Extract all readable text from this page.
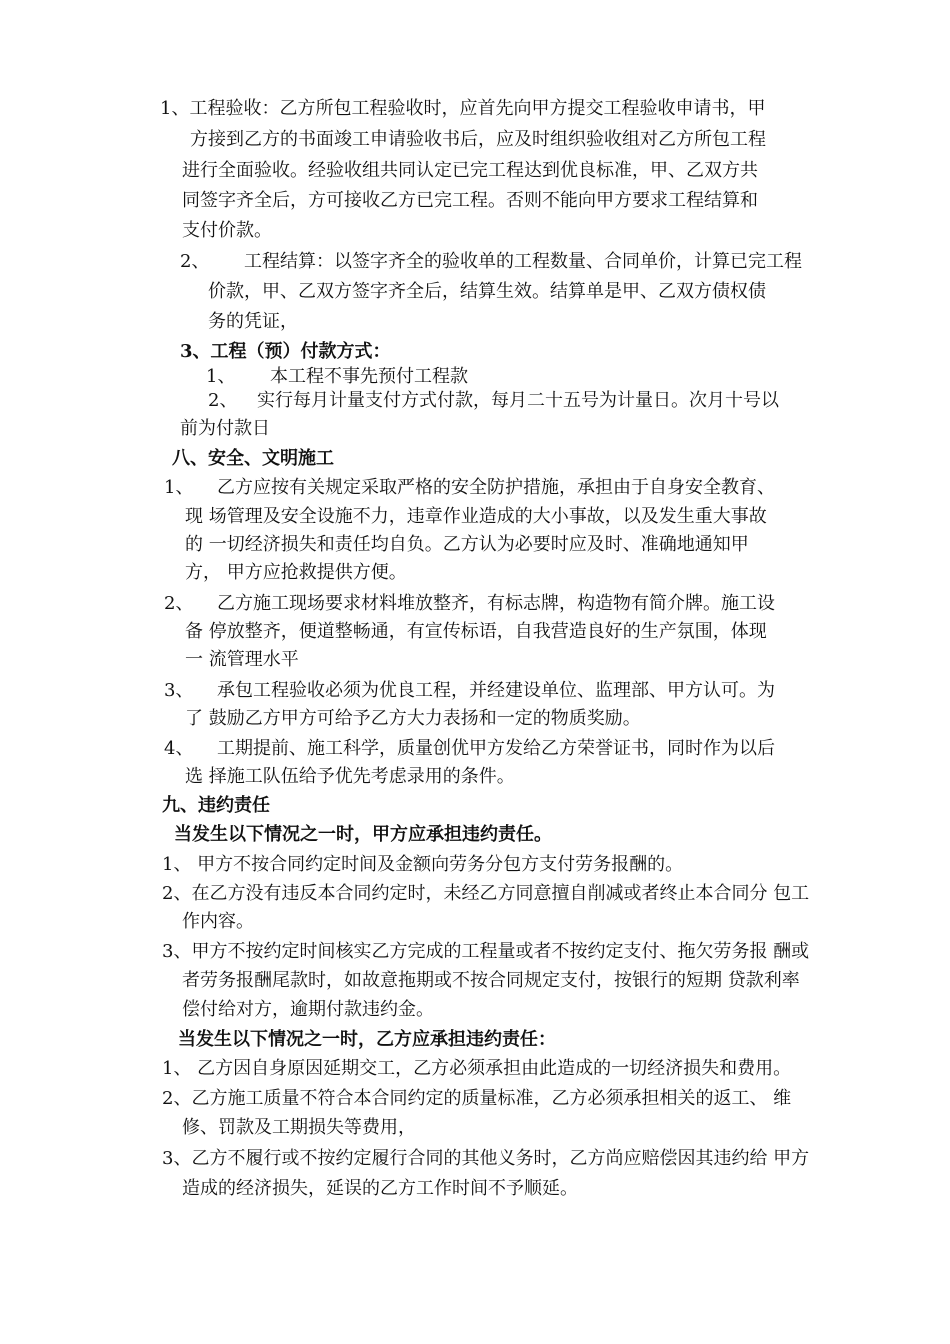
1、工程验收：乙方所包工程验收时，应首先向甲方提交工程验收申请书，甲
方接到乙方的书面竣工申请验收书后，应及时组织验收组对乙方所包工程
进行全面验收。经验收组共同认定已完工程达到优良标准，甲、乙双方共
同签字齐全后，方可接收乙方已完工程。否则不能向甲方要求工程结算和
支付价款。
2、 工程结算：以签字齐全的验收单的工程数量、合同单价，计算已完工程
价款，甲、乙双方签字齐全后，结算生效。结算单是甲、乙双方债权债
务的凭证，
3、工程（预）付款方式：
1、 本工程不事先预付工程款
2、 实行每月计量支付方式付款，每月二十五号为计量日。次月十号以
前为付款日
八、安全、文明施工
1、 乙方应按有关规定采取严格的安全防护措施，承担由于自身安全教育、
现 场管理及安全设施不力，违章作业造成的大小事故，以及发生重大事故
的 一切经济损失和责任均自负。乙方认为必要时应及时、准确地通知甲
方， 甲方应抢救提供方便。
2、 乙方施工现场要求材料堆放整齐，有标志牌，构造物有简介牌。施工设
备 停放整齐，便道整畅通，有宣传标语，自我营造良好的生产氛围，体现
一 流管理水平
3、 承包工程验收必须为优良工程，并经建设单位、监理部、甲方认可。为
了 鼓励乙方甲方可给予乙方大力表扬和一定的物质奖励。
4、 工期提前、施工科学，质量创优甲方发给乙方荣誉证书，同时作为以后
选 择施工队伍给予优先考虑录用的条件。
九、违约责任
当发生以下情况之一时，甲方应承担违约责任。
1、 甲方不按合同约定时间及金额向劳务分包方支付劳务报酬的。
2、在乙方没有违反本合同约定时，未经乙方同意擅自削减或者终止本合同分 包工
作内容。
3、甲方不按约定时间核实乙方完成的工程量或者不按约定支付、拖欠劳务报 酬或
者劳务报酬尾款时，如故意拖期或不按合同规定支付，按银行的短期 贷款利率
偿付给对方，逾期付款违约金。
当发生以下情况之一时，乙方应承担违约责任：
1、 乙方因自身原因延期交工，乙方必须承担由此造成的一切经济损失和费用。
2、乙方施工质量不符合本合同约定的质量标准，乙方必须承担相关的返工、 维
修、罚款及工期损失等费用，
3、乙方不履行或不按约定履行合同的其他义务时，乙方尚应赔偿因其违约给 甲方
造成的经济损失，延误的乙方工作时间不予顺延。
